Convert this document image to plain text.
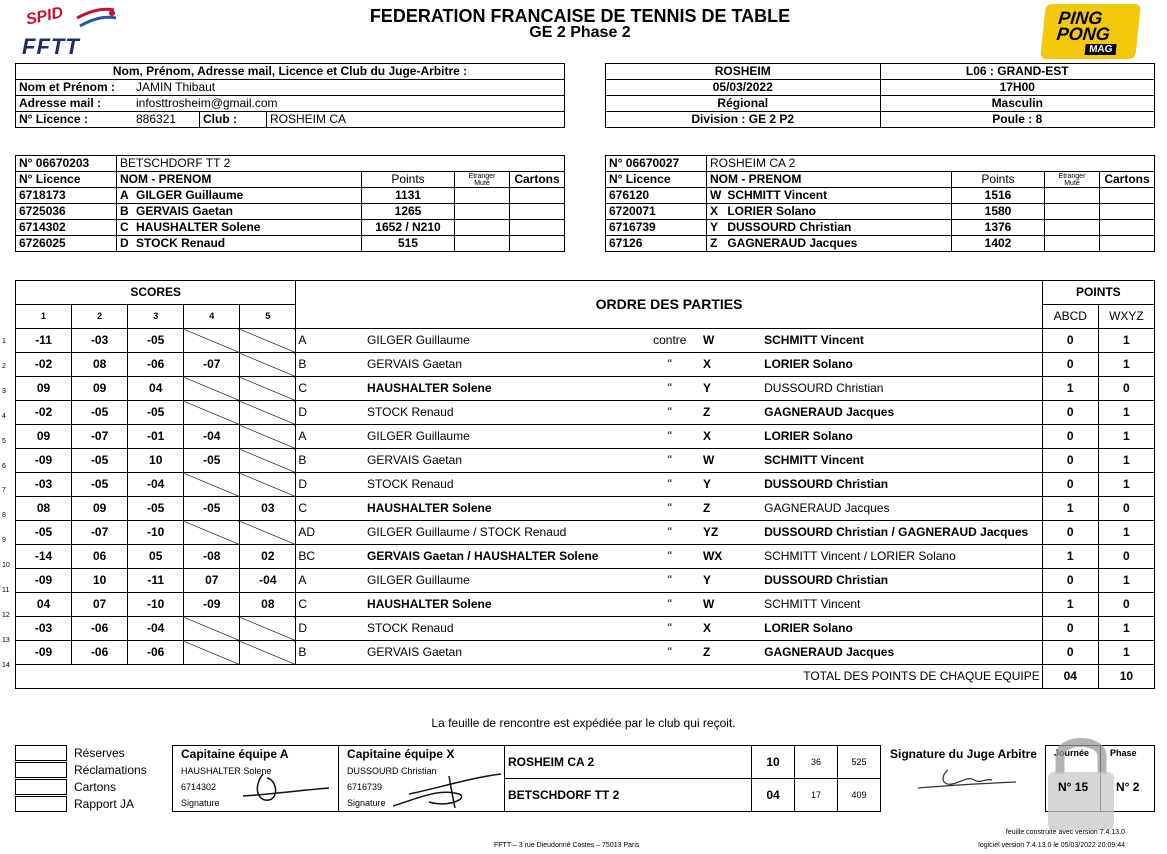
SPID
FFTT
PING
PONG
MAG
FEDERATION FRANCAISE DE TENNIS DE TABLE
GE 2 Phase 2
Nom, Prénom, Adresse mail, Licence et Club du Juge-Arbitre :			
Nom et Prénom :	JAMIN Thibaut		
Adresse mail :	infosttrosheim@gmail.com		
N° Licence :	886321	Club :	ROSHEIM CA
ROSHEIM	L06 : GRAND-EST
05/03/2022	17H00
Régional	Masculin
Division : GE 2 P2	Poule : 8
N° 06670203	BETSCHDORF TT 2				
N° Licence	NOM - PRENOM		Points	Etranger
Muté	Cartons
6718173	A	GILGER Guillaume	1131		
6725036	B	GERVAIS Gaetan	1265		
6714302	C	HAUSHALTER Solene	1652 / N210		
6726025	D	STOCK Renaud	515		
N° 06670027	ROSHEIM CA 2				
N° Licence	NOM - PRENOM		Points	Etranger
Muté	Cartons
676120	W	SCHMITT Vincent	1516		
6720071	X	LORIER Solano	1580		
6716739	Y	DUSSOURD Christian	1376		
67126	Z	GAGNERAUD Jacques	1402		
SCORES					ORDRE DES PARTIES					POINTS	
1	2	3	4	5						ABCD	WXYZ
-11	-03	-05			A	GILGER Guillaume	contre	W	SCHMITT Vincent	0	1
-02	08	-06	-07		B	GERVAIS Gaetan	"	X	LORIER Solano	0	1
09	09	04			C	HAUSHALTER Solene	"	Y	DUSSOURD Christian	1	0
-02	-05	-05			D	STOCK Renaud	"	Z	GAGNERAUD Jacques	0	1
09	-07	-01	-04		A	GILGER Guillaume	"	X	LORIER Solano	0	1
-09	-05	10	-05		B	GERVAIS Gaetan	"	W	SCHMITT Vincent	0	1
-03	-05	-04			D	STOCK Renaud	"	Y	DUSSOURD Christian	0	1
08	09	-05	-05	03	C	HAUSHALTER Solene	"	Z	GAGNERAUD Jacques	1	0
-05	-07	-10			AD	GILGER Guillaume / STOCK Renaud	"	YZ	DUSSOURD Christian / GAGNERAUD Jacques	0	1
-14	06	05	-08	02	BC	GERVAIS Gaetan / HAUSHALTER Solene	"	WX	SCHMITT Vincent / LORIER Solano	1	0
-09	10	-11	07	-04	A	GILGER Guillaume	"	Y	DUSSOURD Christian	0	1
04	07	-10	-09	08	C	HAUSHALTER Solene	"	W	SCHMITT Vincent	1	0
-03	-06	-04			D	STOCK Renaud	"	X	LORIER Solano	0	1
-09	-06	-06			B	GERVAIS Gaetan	"	Z	GAGNERAUD Jacques	0	1
TOTAL DES POINTS DE CHAQUE EQUIPE										04	10
1
2
3
4
5
6
7
8
9
10
11
12
13
14
La feuille de rencontre est expédiée par le club qui reçoit.
Réserves
Réclamations
Cartons
Rapport JA
Capitaine équipe A
HAUSHALTER Solene
6714302
Signature
Capitaine équipe X
DUSSOURD Christian
6716739
Signature
ROSHEIM CA 2	10	36	525
BETSCHDORF TT 2	04	17	409
Signature du Juge Arbitre Journée Phase
N° 15 N° 2
feuille construite avec version 7.4.13.0
FFTT – 3 rue Dieudonné Costes – 75013 Paris	logiciel version 7.4.13.0 le 05/03/2022 20:09:44
